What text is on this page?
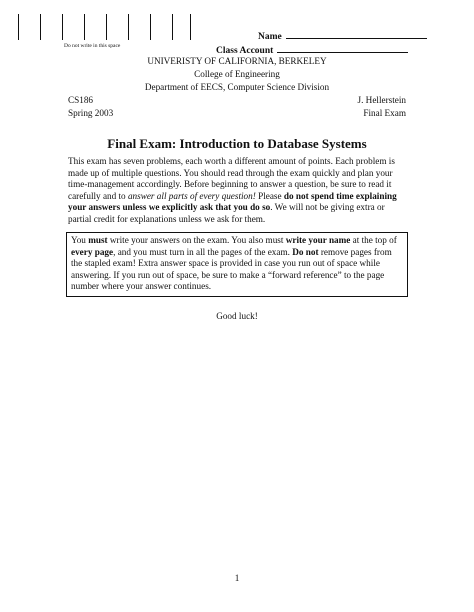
Do not write in this space
Name
Class Account
UNIVERISTY OF CALIFORNIA, BERKELEY
College of Engineering
Department of EECS, Computer Science Division
CS186
Spring 2003
J. Hellerstein
Final Exam
Final Exam: Introduction to Database Systems
This exam has seven problems, each worth a different amount of points. Each problem is made up of multiple questions. You should read through the exam quickly and plan your time-management accordingly. Before beginning to answer a question, be sure to read it carefully and to answer all parts of every question! Please do not spend time explaining your answers unless we explicitly ask that you do so. We will not be giving extra or partial credit for explanations unless we ask for them.
You must write your answers on the exam. You also must write your name at the top of every page, and you must turn in all the pages of the exam. Do not remove pages from the stapled exam! Extra answer space is provided in case you run out of space while answering. If you run out of space, be sure to make a “forward reference” to the page number where your answer continues.
Good luck!
1
